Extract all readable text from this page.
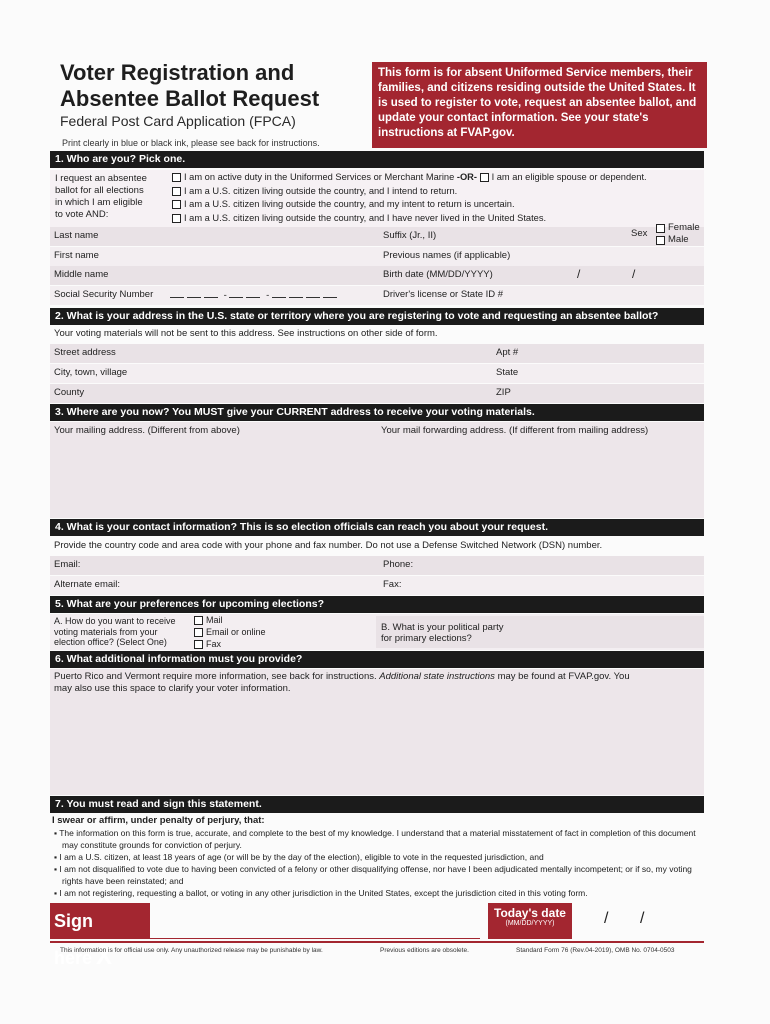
Voter Registration and
Absentee Ballot Request
Federal Post Card Application (FPCA)
Print clearly in blue or black ink, please see back for instructions.
This form is for absent Uniformed Service members, their families, and citizens residing outside the United States. It is used to register to vote, request an absentee ballot, and update your contact information. See your state's instructions at FVAP.gov.
1. Who are you? Pick one.
I request an absentee
ballot for all elections
in which I am eligible
to vote AND:
I am on active duty in the Uniformed Services or Merchant Marine
-OR-
I am an eligible spouse or dependent.
I am a U.S. citizen living outside the country, and I intend to return.
I am a U.S. citizen living outside the country, and my intent to return is uncertain.
I am a U.S. citizen living outside the country, and I have never lived in the United States.
Last name	Suffix (Jr., II)	Sex
Female
Male
First name	Previous names (if applicable)
Middle name	Birth date (MM/DD/YYYY)	/	/
Social Security Number	-	-	Driver's license or State ID #
2. What is your address in the U.S. state or territory where you are registering to vote and requesting an absentee ballot?
Your voting materials will not be sent to this address. See instructions on other side of form.
Street address	Apt #
City, town, village	State
County	ZIP
3. Where are you now? You MUST give your CURRENT address to receive your voting materials.
Your mailing address. (Different from above)	Your mail forwarding address. (If different from mailing address)
4. What is your contact information? This is so election officials can reach you about your request.
Provide the country code and area code with your phone and fax number. Do not use a Defense Switched Network (DSN) number.
Email:	Phone:
Alternate email:	Fax:
5. What are your preferences for upcoming elections?
A. How do you want to receive
voting materials from your
election office? (Select One)
Mail
Email or online
Fax
B. What is your political party
for primary elections?
6. What additional information must you provide?
Puerto Rico and Vermont require more information, see back for instructions. Additional state instructions may be found at FVAP.gov. You
may also use this space to clarify your voter information.
7. You must read and sign this statement.
I swear or affirm, under penalty of perjury, that:
▪ The information on this form is true, accurate, and complete to the best of my knowledge. I understand that a material misstatement of fact in completion of this document may constitute grounds for conviction of perjury.
▪ I am a U.S. citizen, at least 18 years of age (or will be by the day of the election), eligible to vote in the requested jurisdiction, and
▪ I am not disqualified to vote due to having been convicted of a felony or other disqualifying offense, nor have I been adjudicated mentally incompetent; or if so, my voting rights have been reinstated; and
▪ I am not registering, requesting a ballot, or voting in any other jurisdiction in the United States, except the jurisdiction cited in this voting form.
Sign here X
Today's date
(MM/DD/YYYY)	/ /
This information is for official use only. Any unauthorized release may be punishable by law.	Previous editions are obsolete.	Standard Form 76 (Rev.04-2019), OMB No. 0704-0503
